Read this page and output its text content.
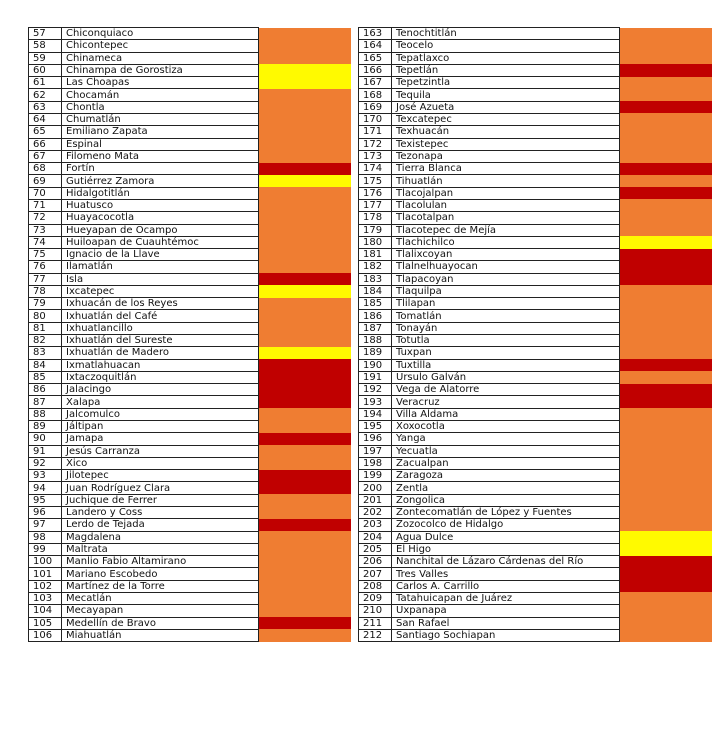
57	Chiconquiaco	
58	Chicontepec	
59	Chinameca	
60	Chinampa de Gorostiza	
61	Las Choapas	
62	Chocamán	
63	Chontla	
64	Chumatlán	
65	Emiliano Zapata	
66	Espinal	
67	Filomeno Mata	
68	Fortín	
69	Gutiérrez Zamora	
70	Hidalgotitlán	
71	Huatusco	
72	Huayacocotla	
73	Hueyapan de Ocampo	
74	Huiloapan de Cuauhtémoc	
75	Ignacio de la Llave	
76	Ilamatlán	
77	Isla	
78	Ixcatepec	
79	Ixhuacán de los Reyes	
80	Ixhuatlán del Café	
81	Ixhuatlancillo	
82	Ixhuatlán del Sureste	
83	Ixhuatlán de Madero	
84	Ixmatlahuacan	
85	Ixtaczoquitlán	
86	Jalacingo	
87	Xalapa	
88	Jalcomulco	
89	Jáltipan	
90	Jamapa	
91	Jesús Carranza	
92	Xico	
93	Jilotepec	
94	Juan Rodríguez Clara	
95	Juchique de Ferrer	
96	Landero y Coss	
97	Lerdo de Tejada	
98	Magdalena	
99	Maltrata	
100	Manlio Fabio Altamirano	
101	Mariano Escobedo	
102	Martínez de la Torre	
103	Mecatlán	
104	Mecayapan	
105	Medellín de Bravo	
106	Miahuatlán	
163	Tenochtitlán	
164	Teocelo	
165	Tepatlaxco	
166	Tepetlán	
167	Tepetzintla	
168	Tequila	
169	José Azueta	
170	Texcatepec	
171	Texhuacán	
172	Texistepec	
173	Tezonapa	
174	Tierra Blanca	
175	Tihuatlán	
176	Tlacojalpan	
177	Tlacolulan	
178	Tlacotalpan	
179	Tlacotepec de Mejía	
180	Tlachichilco	
181	Tlalixcoyan	
182	Tlalnelhuayocan	
183	Tlapacoyan	
184	Tlaquilpa	
185	Tlilapan	
186	Tomatlán	
187	Tonayán	
188	Totutla	
189	Tuxpan	
190	Tuxtilla	
191	Ursulo Galván	
192	Vega de Alatorre	
193	Veracruz	
194	Villa Aldama	
195	Xoxocotla	
196	Yanga	
197	Yecuatla	
198	Zacualpan	
199	Zaragoza	
200	Zentla	
201	Zongolica	
202	Zontecomatlán de López y Fuentes	
203	Zozocolco de Hidalgo	
204	Agua Dulce	
205	El Higo	
206	Nanchital de Lázaro Cárdenas del Río	
207	Tres Valles	
208	Carlos A. Carrillo	
209	Tatahuicapan de Juárez	
210	Uxpanapa	
211	San Rafael	
212	Santiago Sochiapan	
